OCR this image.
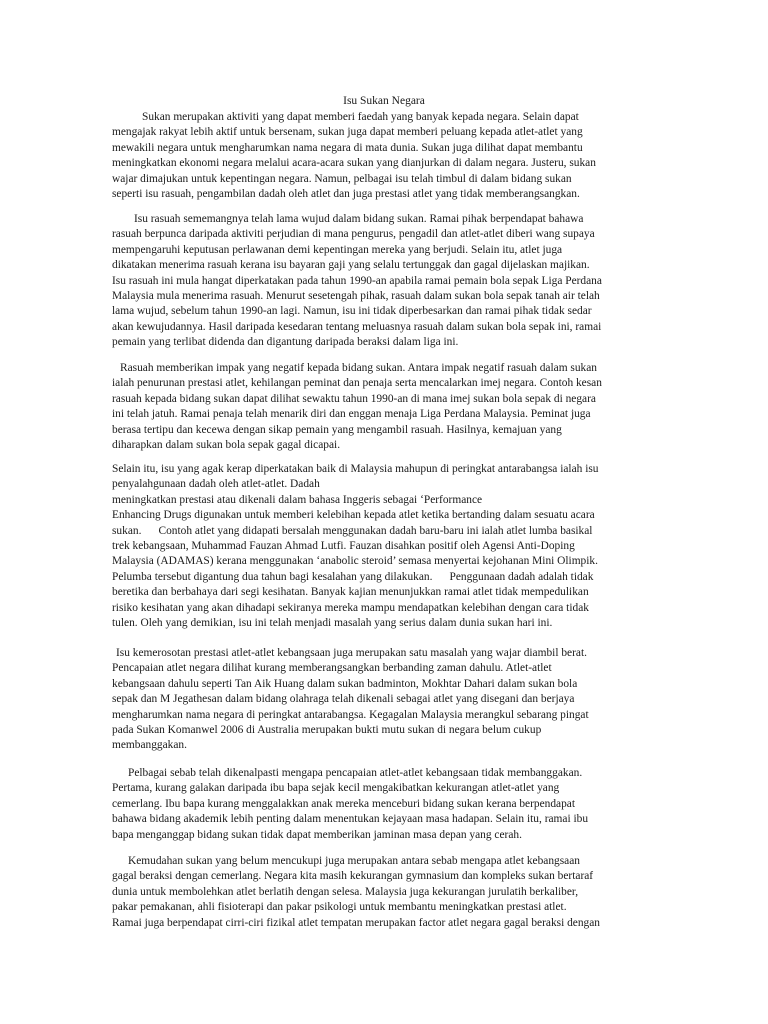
Isu Sukan Negara

Sukan merupakan aktiviti yang dapat memberi faedah yang banyak kepada negara. Selain dapat
mengajak rakyat lebih aktif untuk bersenam, sukan juga dapat memberi peluang kepada atlet-atlet yang
mewakili negara untuk mengharumkan nama negara di mata dunia. Sukan juga dilihat dapat membantu
meningkatkan ekonomi negara melalui acara-acara sukan yang dianjurkan di dalam negara. Justeru, sukan
wajar dimajukan untuk kepentingan negara. Namun, pelbagai isu telah timbul di dalam bidang sukan
seperti isu rasuah, pengambilan dadah oleh atlet dan juga prestasi atlet yang tidak memberangsangkan.

Isu rasuah sememangnya telah lama wujud dalam bidang sukan. Ramai pihak berpendapat bahawa
rasuah berpunca daripada aktiviti perjudian di mana pengurus, pengadil dan atlet-atlet diberi wang supaya
mempengaruhi keputusan perlawanan demi kepentingan mereka yang berjudi. Selain itu, atlet juga
dikatakan menerima rasuah kerana isu bayaran gaji yang selalu tertunggak dan gagal dijelaskan majikan.
Isu rasuah ini mula hangat diperkatakan pada tahun 1990-an apabila ramai pemain bola sepak Liga Perdana
Malaysia mula menerima rasuah. Menurut sesetengah pihak, rasuah dalam sukan bola sepak tanah air telah
lama wujud, sebelum tahun 1990-an lagi. Namun, isu ini tidak diperbesarkan dan ramai pihak tidak sedar
akan kewujudannya. Hasil daripada kesedaran tentang meluasnya rasuah dalam sukan bola sepak ini, ramai
pemain yang terlibat didenda dan digantung daripada beraksi dalam liga ini.

Rasuah memberikan impak yang negatif kepada bidang sukan. Antara impak negatif rasuah dalam sukan
ialah penurunan prestasi atlet, kehilangan peminat dan penaja serta mencalarkan imej negara. Contoh kesan
rasuah kepada bidang sukan dapat dilihat sewaktu tahun 1990-an di mana imej sukan bola sepak di negara
ini telah jatuh. Ramai penaja telah menarik diri dan enggan menaja Liga Perdana Malaysia. Peminat juga
berasa tertipu dan kecewa dengan sikap pemain yang mengambil rasuah. Hasilnya, kemajuan yang
diharapkan dalam sukan bola sepak gagal dicapai.

Selain itu, isu yang agak kerap diperkatakan baik di Malaysia mahupun di peringkat antarabangsa ialah isu
penyalahgunaan dadah oleh atlet-atlet. Dadah
meningkatkan prestasi atau dikenali dalam bahasa Inggeris sebagai ‘Performance
Enhancing Drugs digunakan untuk memberi kelebihan kepada atlet ketika bertanding dalam sesuatu acara
sukan.      Contoh atlet yang didapati bersalah menggunakan dadah baru-baru ini ialah atlet lumba basikal
trek kebangsaan, Muhammad Fauzan Ahmad Lutfi. Fauzan disahkan positif oleh Agensi Anti-Doping
Malaysia (ADAMAS) kerana menggunakan ‘anabolic steroid’ semasa menyertai kejohanan Mini Olimpik.
Pelumba tersebut digantung dua tahun bagi kesalahan yang dilakukan.      Penggunaan dadah adalah tidak
beretika dan berbahaya dari segi kesihatan. Banyak kajian menunjukkan ramai atlet tidak mempedulikan
risiko kesihatan yang akan dihadapi sekiranya mereka mampu mendapatkan kelebihan dengan cara tidak
tulen. Oleh yang demikian, isu ini telah menjadi masalah yang serius dalam dunia sukan hari ini.

Isu kemerosotan prestasi atlet-atlet kebangsaan juga merupakan satu masalah yang wajar diambil berat.
Pencapaian atlet negara dilihat kurang memberangsangkan berbanding zaman dahulu. Atlet-atlet
kebangsaan dahulu seperti Tan Aik Huang dalam sukan badminton, Mokhtar Dahari dalam sukan bola
sepak dan M Jegathesan dalam bidang olahraga telah dikenali sebagai atlet yang disegani dan berjaya
mengharumkan nama negara di peringkat antarabangsa. Kegagalan Malaysia merangkul sebarang pingat
pada Sukan Komanwel 2006 di Australia merupakan bukti mutu sukan di negara belum cukup
membanggakan.

Pelbagai sebab telah dikenalpasti mengapa pencapaian atlet-atlet kebangsaan tidak membanggakan.
Pertama, kurang galakan daripada ibu bapa sejak kecil mengakibatkan kekurangan atlet-atlet yang
cemerlang. Ibu bapa kurang menggalakkan anak mereka menceburi bidang sukan kerana berpendapat
bahawa bidang akademik lebih penting dalam menentukan kejayaan masa hadapan. Selain itu, ramai ibu
bapa menganggap bidang sukan tidak dapat memberikan jaminan masa depan yang cerah.

Kemudahan sukan yang belum mencukupi juga merupakan antara sebab mengapa atlet kebangsaan
gagal beraksi dengan cemerlang. Negara kita masih kekurangan gymnasium dan kompleks sukan bertaraf
dunia untuk membolehkan atlet berlatih dengan selesa. Malaysia juga kekurangan jurulatih berkaliber,
pakar pemakanan, ahli fisioterapi dan pakar psikologi untuk membantu meningkatkan prestasi atlet.
Ramai juga berpendapat cirri-ciri fizikal atlet tempatan merupakan factor atlet negara gagal beraksi dengan
